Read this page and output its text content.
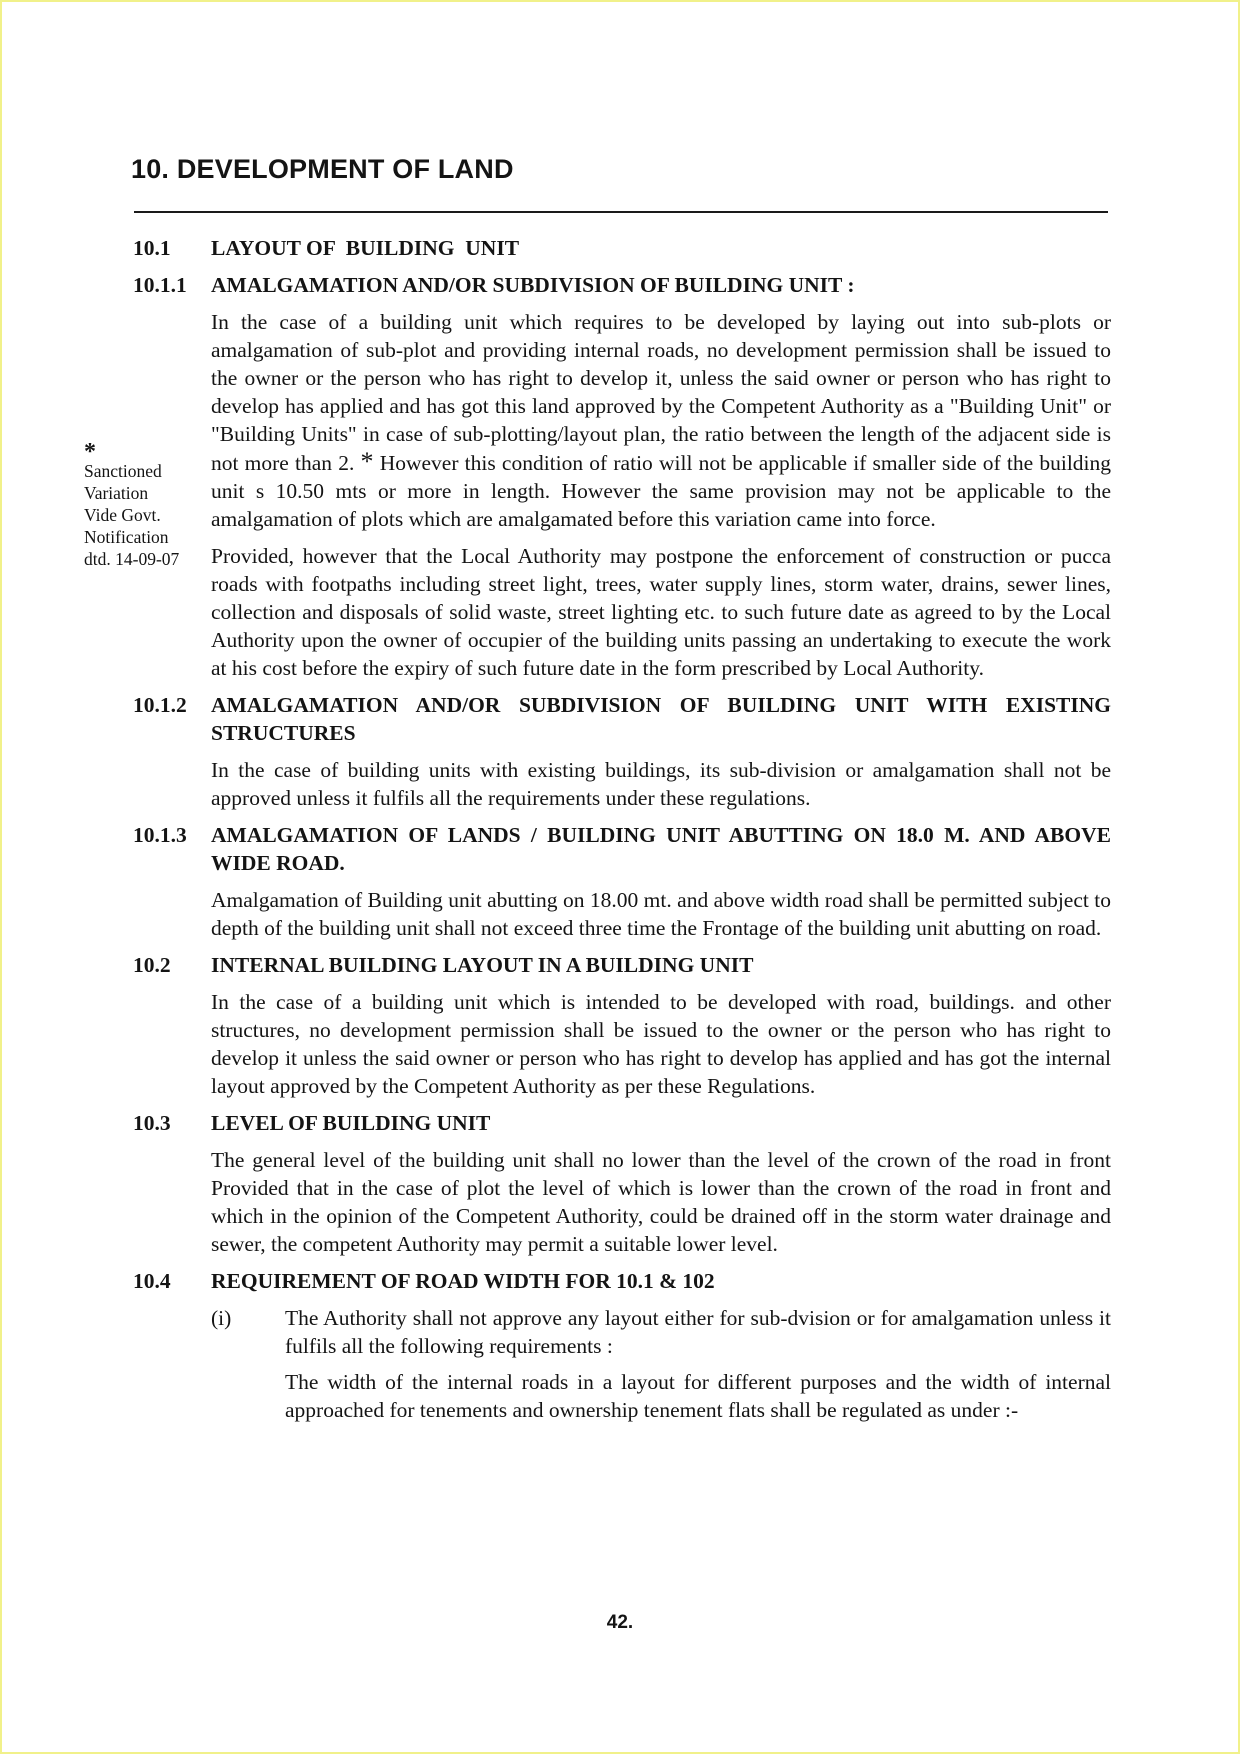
10. DEVELOPMENT OF LAND
*
Sanctioned
Variation
Vide Govt.
Notification
dtd. 14-09-07
10.1	LAYOUT OF  BUILDING  UNIT
10.1.1	AMALGAMATION AND/OR SUBDIVISION OF BUILDING UNIT :
In the case of a building unit which requires to be developed by laying out into sub-plots or amalgamation of sub-plot and providing internal roads, no development permission shall be issued to the owner or the person who has right to develop it, unless the said owner or person who has right to develop has applied and has got this land approved by the Competent Authority as a "Building Unit" or "Building Units" in case of sub-plotting/layout plan, the ratio between the length of the adjacent side is not more than 2. * However this condition of ratio will not be applicable if smaller side of the building unit s 10.50 mts or more in length. However the same provision may not be applicable to the amalgamation of plots which are amalgamated before this variation came into force.
Provided, however that the Local Authority may postpone the enforcement of construction or pucca roads with footpaths including street light, trees, water supply lines, storm water, drains, sewer lines, collection and disposals of solid waste, street lighting etc. to such future date as agreed to by the Local Authority upon the owner of occupier of the building units passing an undertaking to execute the work at his cost before the expiry of such future date in the form prescribed by Local Authority.
10.1.2	AMALGAMATION AND/OR SUBDIVISION OF BUILDING UNIT WITH EXISTING STRUCTURES
In the case of building units with existing buildings, its sub-division or amalgamation shall not be approved unless it fulfils all the requirements under these regulations.
10.1.3	AMALGAMATION OF LANDS / BUILDING UNIT ABUTTING ON 18.0 M. AND ABOVE WIDE ROAD.
Amalgamation of Building unit abutting on 18.00 mt. and above width road shall be permitted subject to depth of the building unit shall not exceed three time the Frontage of the building unit abutting on road.
10.2	INTERNAL BUILDING LAYOUT IN A BUILDING UNIT
In the case of a building unit which is intended to be developed with road, buildings. and other structures, no development permission shall be issued to the owner or the person who has right to develop it unless the said owner or person who has right to develop has applied and has got the internal layout approved by the Competent Authority as per these Regulations.
10.3	LEVEL OF BUILDING UNIT
The general level of the building unit shall no lower than the level of the crown of the road in front Provided that in the case of plot the level of which is lower than the crown of the road in front and which in the opinion of the Competent Authority, could be drained off in the storm water drainage and sewer, the competent Authority may permit a suitable lower level.
10.4	REQUIREMENT OF ROAD WIDTH FOR 10.1 & 102
(i)	The Authority shall not approve any layout either for sub-dvision or for amalgamation unless it fulfils all the following requirements :
The width of the internal roads in a layout for different purposes and the width of internal approached for tenements and ownership tenement flats shall be regulated as under :-
42.
